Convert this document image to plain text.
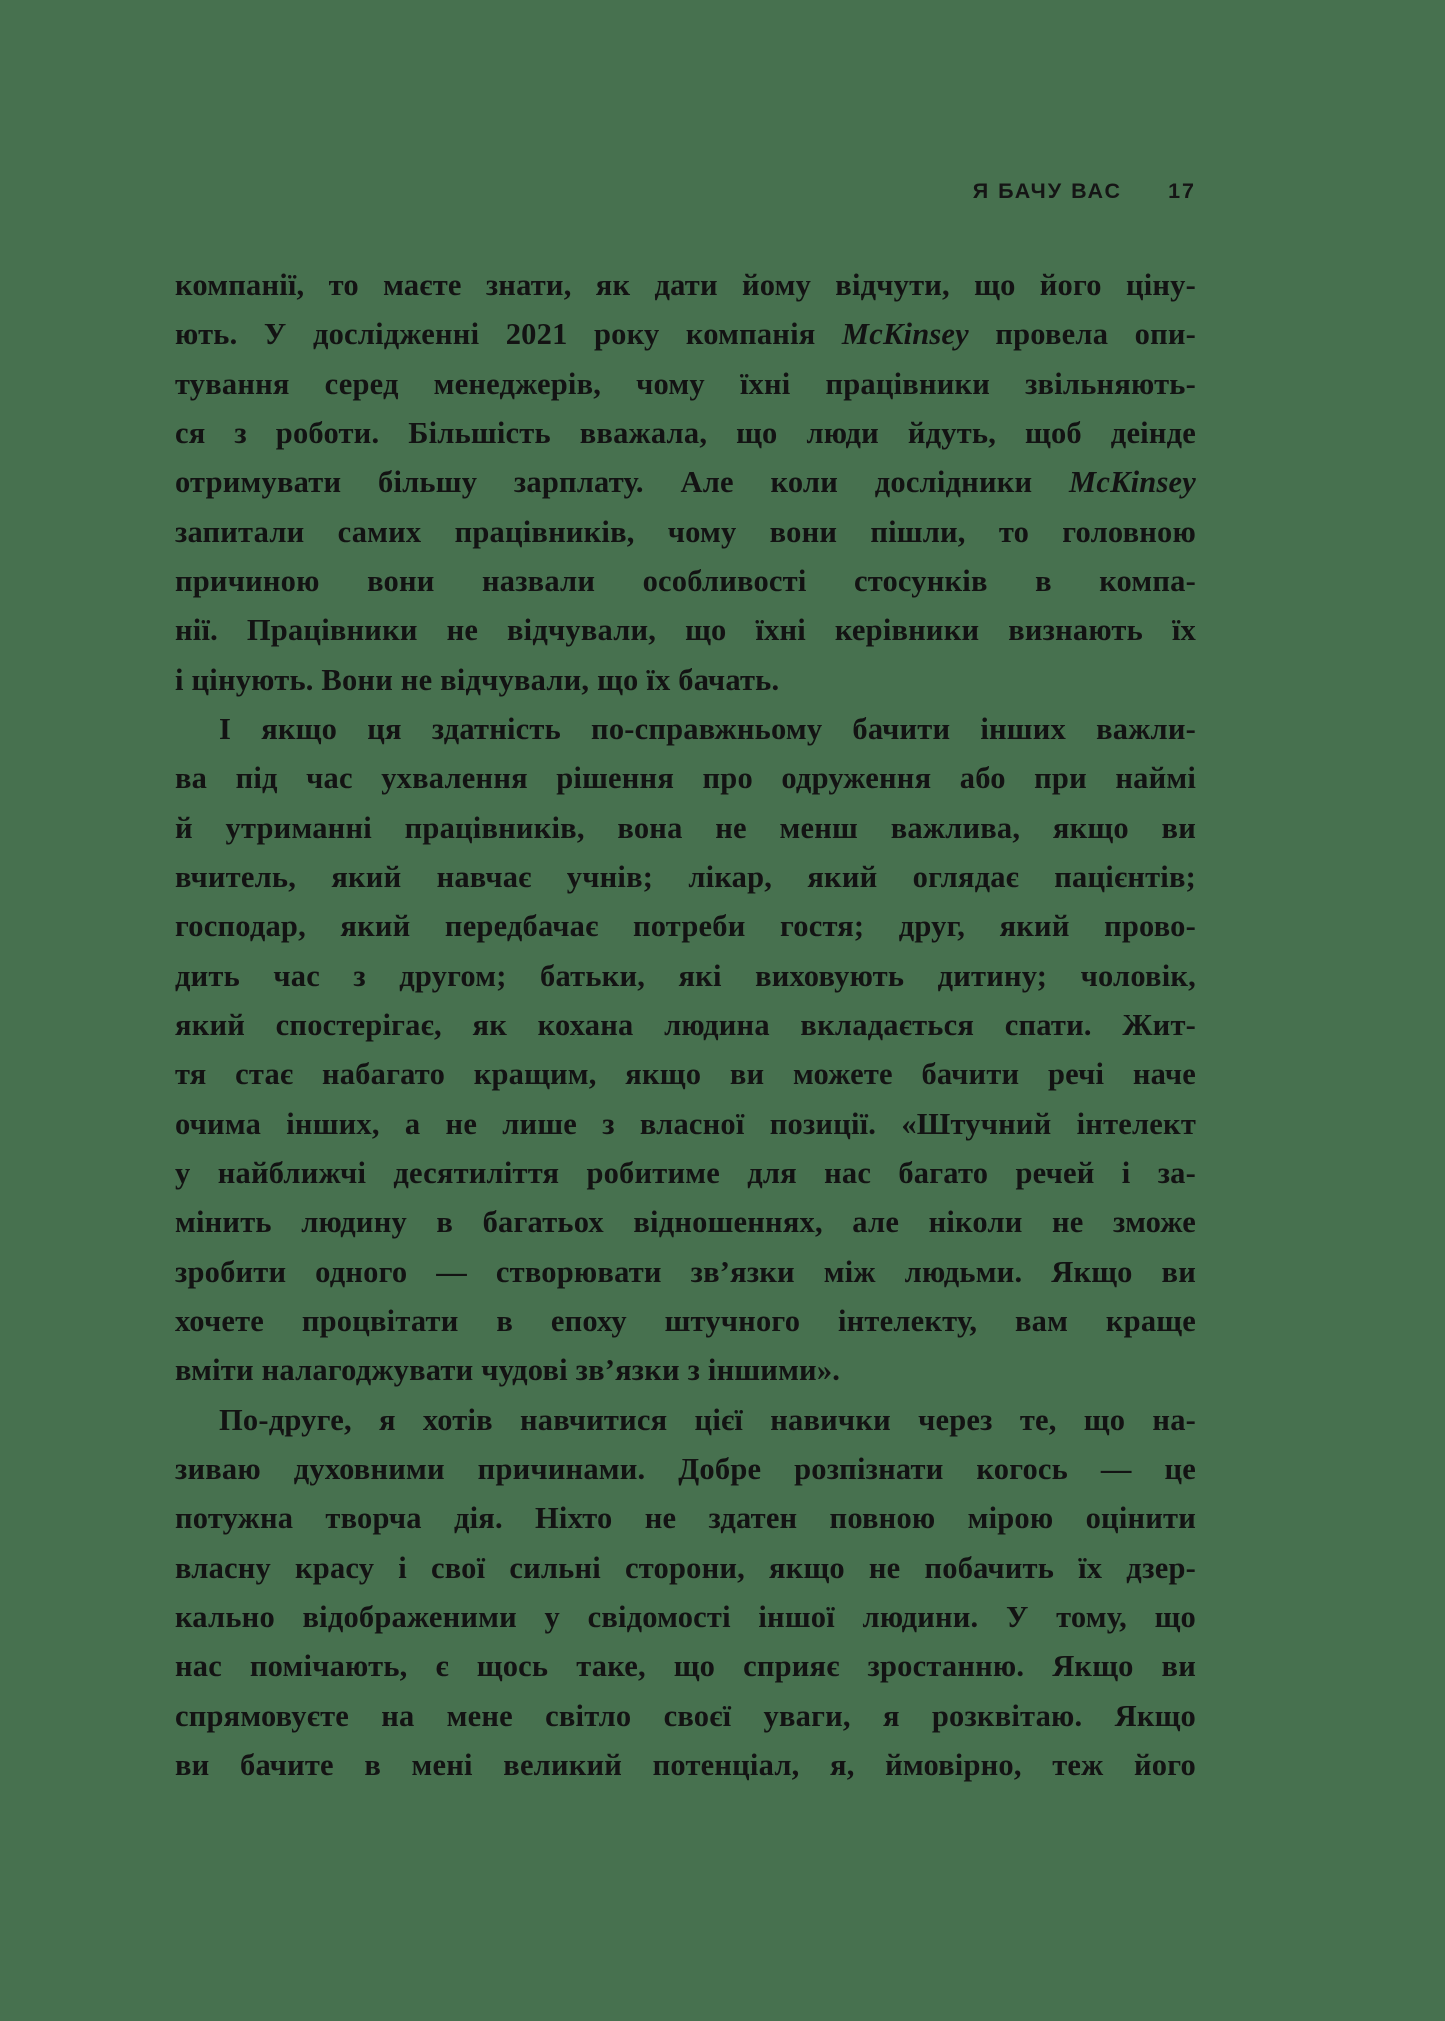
Я БАЧУ ВАС 17
компанії, то маєте знати, як дати йому відчути, що його ціну-
ють. У дослідженні 2021 року компанія McKinsey провела опи-
тування серед менеджерів, чому їхні працівники звільняють-
ся з роботи. Більшість вважала, що люди йдуть, щоб деінде
отримувати більшу зарплату. Але коли дослідники McKinsey
запитали самих працівників, чому вони пішли, то головною
причиною вони назвали особливості стосунків в компа-
нії. Працівники не відчували, що їхні керівники визнають їх
і цінують. Вони не відчували, що їх бачать.
І якщо ця здатність по-справжньому бачити інших важли-
ва під час ухвалення рішення про одруження або при наймі
й утриманні працівників, вона не менш важлива, якщо ви
вчитель, який навчає учнів; лікар, який оглядає пацієнтів;
господар, який передбачає потреби гостя; друг, який прово-
дить час з другом; батьки, які виховують дитину; чоловік,
який спостерігає, як кохана людина вкладається спати. Жит-
тя стає набагато кращим, якщо ви можете бачити речі наче
очима інших, а не лише з власної позиції. «Штучний інтелект
у найближчі десятиліття робитиме для нас багато речей і за-
мінить людину в багатьох відношеннях, але ніколи не зможе
зробити одного — створювати зв’язки між людьми. Якщо ви
хочете процвітати в епоху штучного інтелекту, вам краще
вміти налагоджувати чудові зв’язки з іншими».
По-друге, я хотів навчитися цієї навички через те, що на-
зиваю духовними причинами. Добре розпізнати когось — це
потужна творча дія. Ніхто не здатен повною мірою оцінити
власну красу і свої сильні сторони, якщо не побачить їх дзер-
кально відображеними у свідомості іншої людини. У тому, що
нас помічають, є щось таке, що сприяє зростанню. Якщо ви
спрямовуєте на мене світло своєї уваги, я розквітаю. Якщо
ви бачите в мені великий потенціал, я, ймовірно, теж його
